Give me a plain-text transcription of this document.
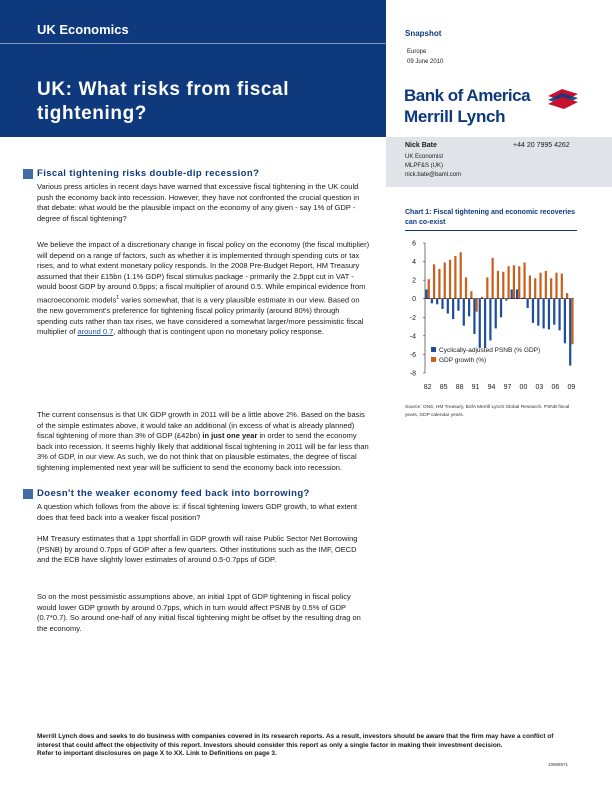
UK Economics
UK: What risks from fiscal tightening?
Snapshot
Europe
09 June 2010
Bank of America
Merrill Lynch
Nick Bate	+44 20 7995 4262
UK Economist
MLPF&S (UK)
nick.bate@baml.com
Fiscal tightening risks double-dip recession?
Various press articles in recent days have warned that excessive fiscal tightening in the UK could push the economy back into recession. However, they have not confronted the crucial question in that debate: what would be the plausible impact on the economy of any given - say 1% of GDP - degree of fiscal tightening?
We believe the impact of a discretionary change in fiscal policy on the economy (the fiscal multiplier) will depend on a range of factors, such as whether it is implemented through spending cuts or tax rises, and to what extent monetary policy responds. In the 2008 Pre-Budget Report, HM Treasury assumed that their £15bn (1.1% GDP) fiscal stimulus package - primarily the 2.5ppt cut in VAT - would boost GDP by around 0.5pps; a fiscal multiplier of around 0.5. While empirical evidence from macroeconomic models$^1$ varies somewhat, that is a very plausible estimate in our view. Based on the new government's preference for tightening fiscal policy primarily (around 80%) through spending cuts rather than tax rises, we have considered a somewhat larger/more pessimistic fiscal multiplier of around 0.7, although that is contingent upon no monetary policy response.
The current consensus is that UK GDP growth in 2011 will be a little above 2%. Based on the basis of the simple estimates above, it would take an additional (in excess of what is already planned) fiscal tightening of more than 3% of GDP (£42bn) in just one year in order to send the economy back into recession. It seems highly likely that additional fiscal tightening in 2011 will be far less than 3% of GDP, in our view. As such, we do not think that on plausible estimates, the degree of fiscal tightening implemented next year will be sufficient to send the economy back into recession.
Doesn't the weaker economy feed back into borrowing?
A question which follows from the above is: if fiscal tightening lowers GDP growth, to what extent does that feed back into a weaker fiscal position?
HM Treasury estimates that a 1ppt shortfall in GDP growth will raise Public Sector Net Borrowing (PSNB) by around 0.7pps of GDP after a few quarters. Other institutions such as the IMF, OECD and the ECB have slightly lower estimates of around 0.5-0.7pps of GDP.
So on the most pessimistic assumptions above, an initial 1ppt of GDP tightening in fiscal policy would lower GDP growth by around 0.7pps, which in turn would affect PSNB by 0.5% of GDP (0.7*0.7). So around one-half of any initial fiscal tightening might be offset by the resulting drag on the economy.
Chart 1: Fiscal tightening and economic recoveries can co-exist
6
4
2
0
-2
-4
-6
-8
82 85 88 91 94 97 00 03 06 09
Cyclically-adjusted PSNB (% GDP)
GDP growth (%)
Source: ONS, HM Treasury, BofA Merrill Lynch Global Research. PSNB fiscal years, GDP calendar years.
Merrill Lynch does and seeks to do business with companies covered in its research reports. As a result, investors should be aware that the firm may have a conflict of interest that could affect the objectivity of this report. Investors should consider this report as only a single factor in making their investment decision.
Refer to important disclosures on page X to XX. Link to Definitions on page 3.
10995571
